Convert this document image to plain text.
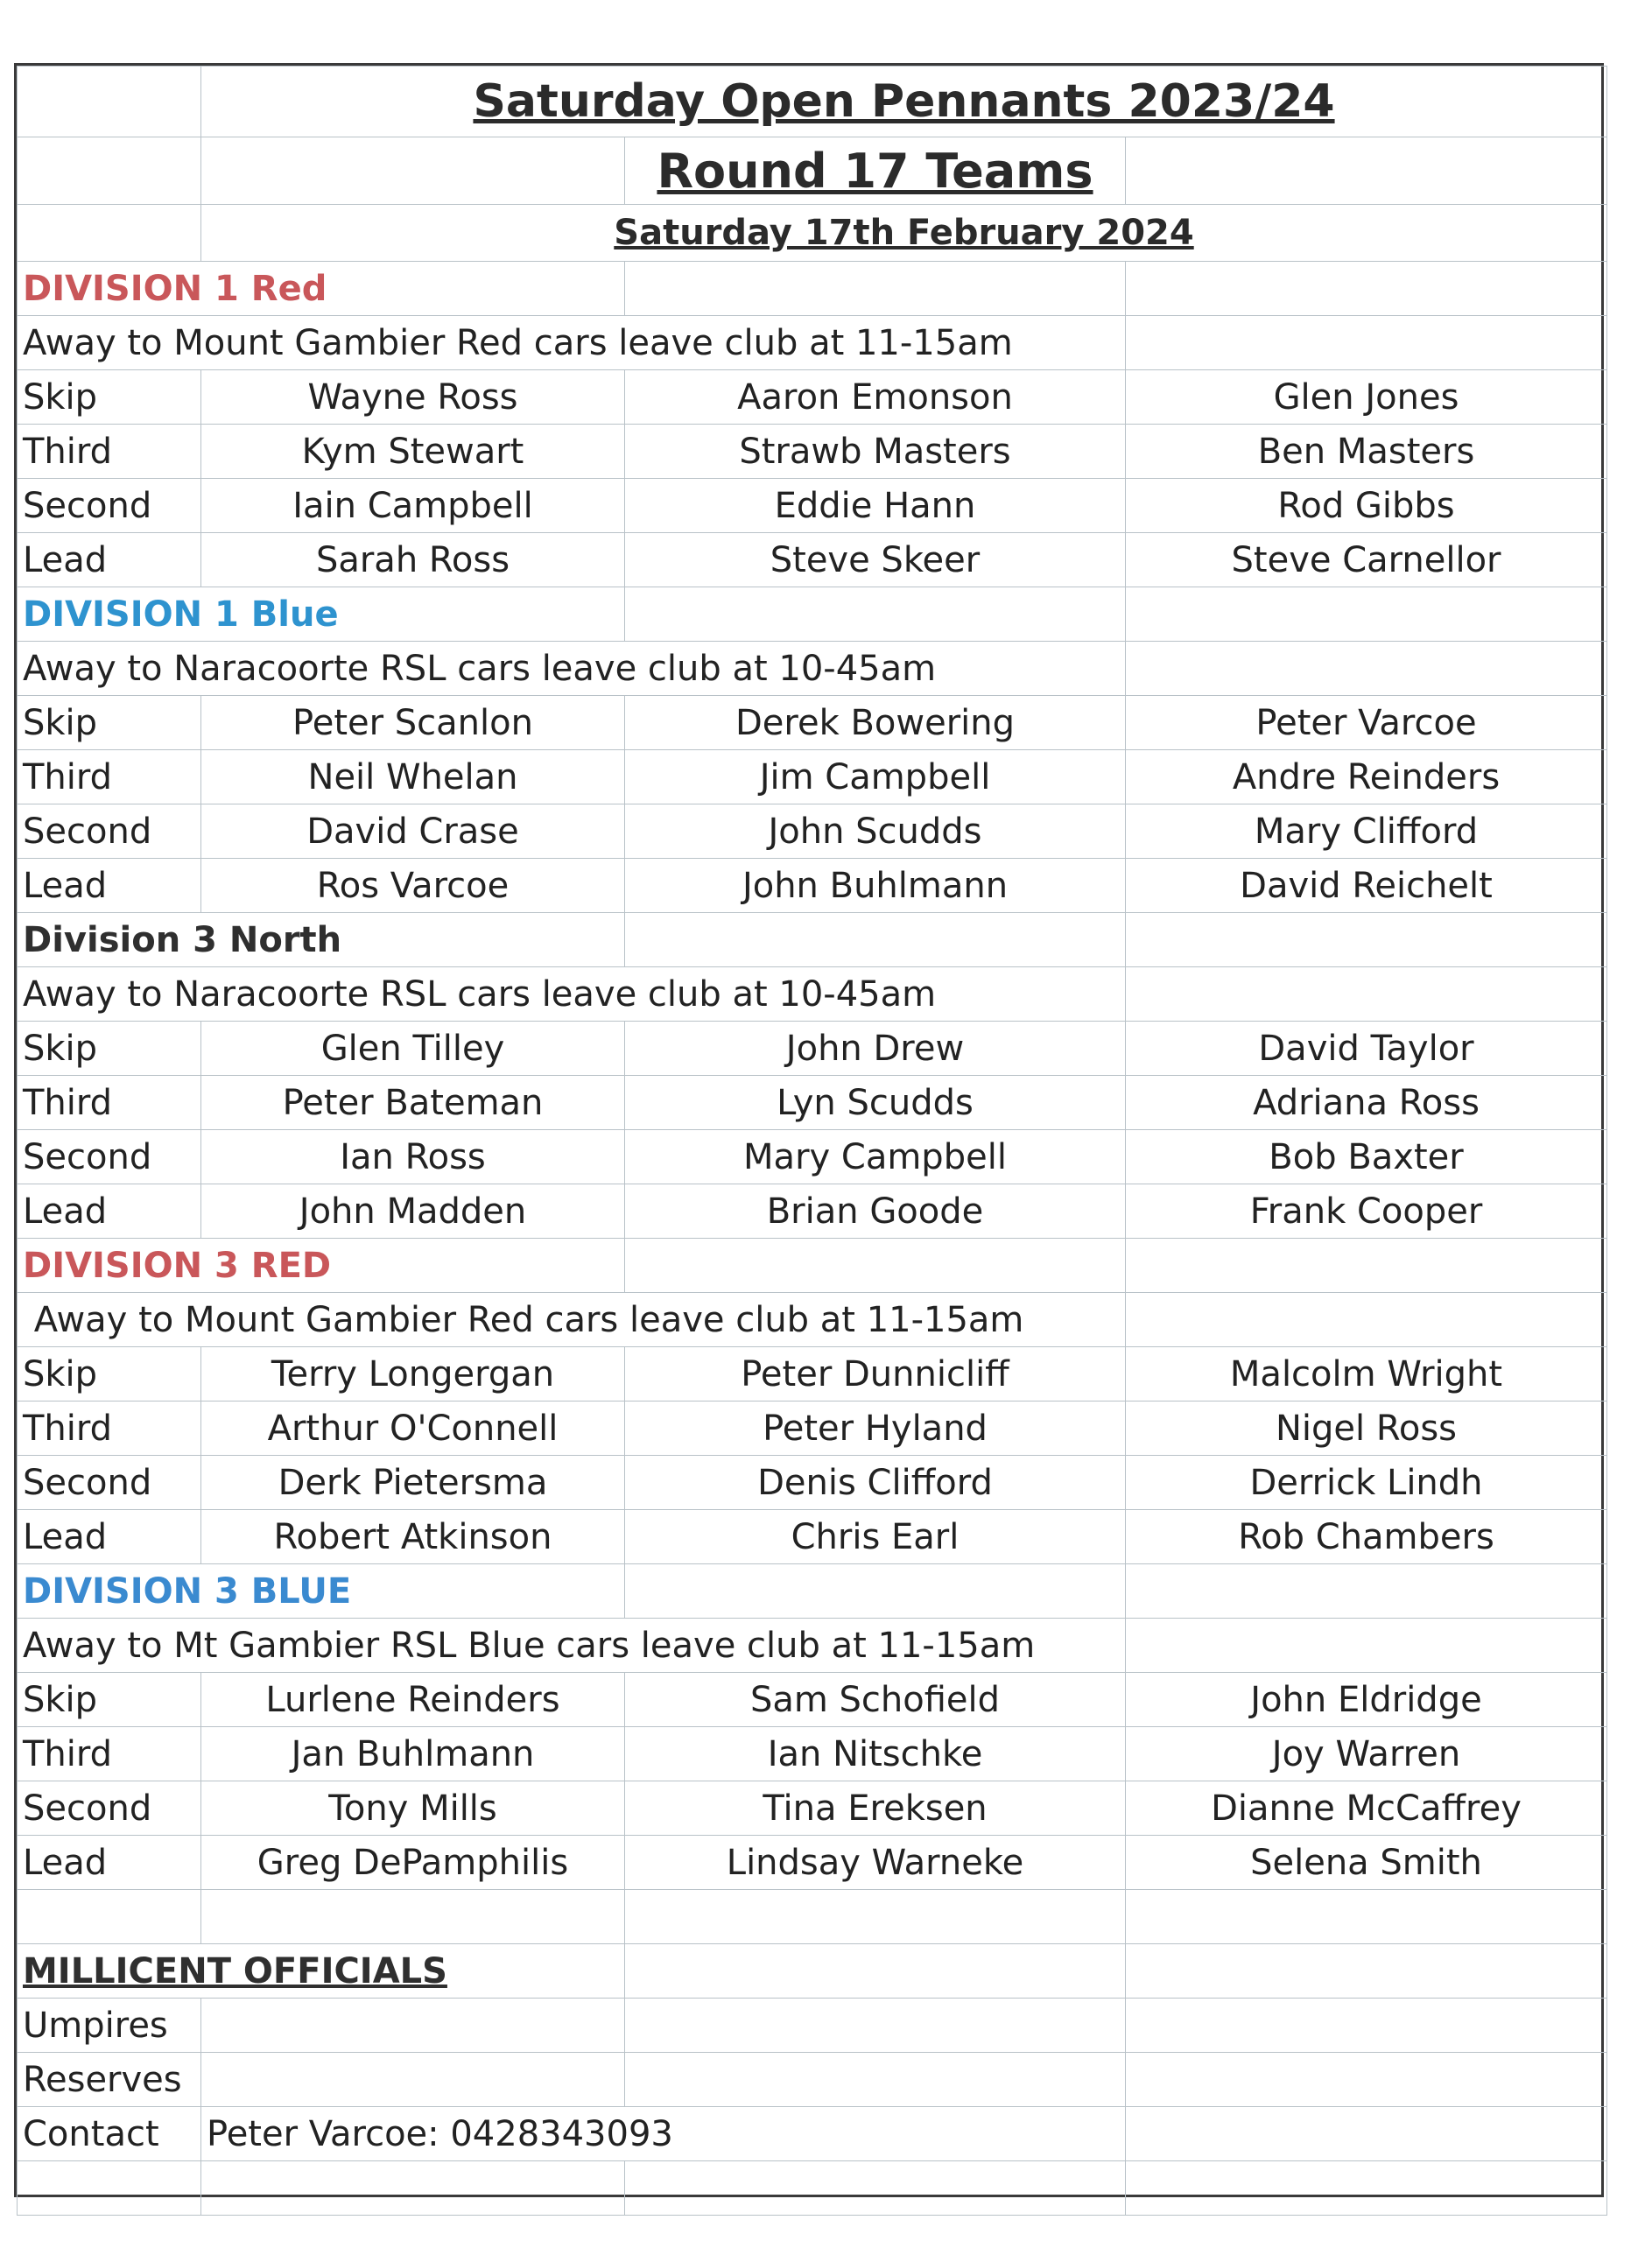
	Saturday Open Pennants 2023/24		
		Round 17 Teams	
	Saturday 17th February 2024		
DIVISION 1 Red			
Away to Mount Gambier Red cars leave club at 11-15am			
Skip	Wayne Ross	Aaron Emonson	Glen Jones
Third	Kym Stewart	Strawb Masters	Ben Masters
Second	Iain Campbell	Eddie Hann	Rod Gibbs
Lead	Sarah Ross	Steve Skeer	Steve Carnellor
DIVISION 1 Blue			
Away to Naracoorte RSL cars leave club at 10-45am			
Skip	Peter Scanlon	Derek Bowering	Peter Varcoe
Third	Neil Whelan	Jim Campbell	Andre Reinders
Second	David Crase	John Scudds	Mary Clifford
Lead	Ros Varcoe	John Buhlmann	David Reichelt
Division 3 North			
Away to Naracoorte RSL cars leave club at 10-45am			
Skip	Glen Tilley	John Drew	David Taylor
Third	Peter Bateman	Lyn Scudds	Adriana Ross
Second	Ian Ross	Mary Campbell	Bob Baxter
Lead	John Madden	Brian Goode	Frank Cooper
DIVISION 3 RED			
Away to Mount Gambier Red cars leave club at 11-15am			
Skip	Terry Longergan	Peter Dunnicliff	Malcolm Wright
Third	Arthur O'Connell	Peter Hyland	Nigel Ross
Second	Derk Pietersma	Denis Clifford	Derrick Lindh
Lead	Robert Atkinson	Chris Earl	Rob Chambers
DIVISION 3 BLUE			
Away to Mt Gambier RSL Blue cars leave club at 11-15am			
Skip	Lurlene Reinders	Sam Schofield	John Eldridge
Third	Jan Buhlmann	Ian Nitschke	Joy Warren
Second	Tony Mills	Tina Ereksen	Dianne McCaffrey
Lead	Greg DePamphilis	Lindsay Warneke	Selena Smith

MILLICENT OFFICIALS			
Umpires			
Reserves			
Contact	Peter Varcoe: 0428343093		
